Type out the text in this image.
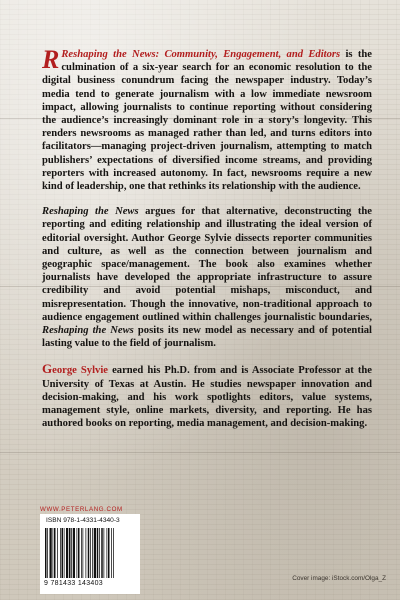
R Reshaping the News: Community, Engagement, and Editors is the culmination of a six-year search for an economic resolution to the digital business conundrum facing the newspaper industry. Today’s media tend to generate journalism with a low immediate newsroom impact, allowing journalists to continue reporting without considering the audience’s increasingly dominant role in a story’s longevity. This renders newsrooms as managed rather than led, and turns editors into facilitators—managing project-driven journalism, attempting to match publishers’ expectations of diversified income streams, and providing reporters with increased autonomy. In fact, newsrooms require a new kind of leadership, one that rethinks its relationship with the audience.

Reshaping the News argues for that alternative, deconstructing the reporting and editing relationship and illustrating the ideal version of editorial oversight. Author George Sylvie dissects reporter communities and culture, as well as the connection between journalism and geographic space/management. The book also examines whether journalists have developed the appropriate infrastructure to assure credibility and avoid potential mishaps, misconduct, and misrepresentation. Though the innovative, non-traditional approach to audience engagement outlined within challenges journalistic boundaries, Reshaping the News posits its new model as necessary and of potential lasting value to the field of journalism.

George Sylvie earned his Ph.D. from and is Associate Professor at the University of Texas at Austin. He studies newspaper innovation and decision-making, and his work spotlights editors, value systems, management style, online markets, diversity, and reporting. He has authored books on reporting, media management, and decision-making.

WWW.PETERLANG.COM
ISBN 978-1-4331-4340-3
9 781433 143403
Cover image: iStock.com/Olga_Z
